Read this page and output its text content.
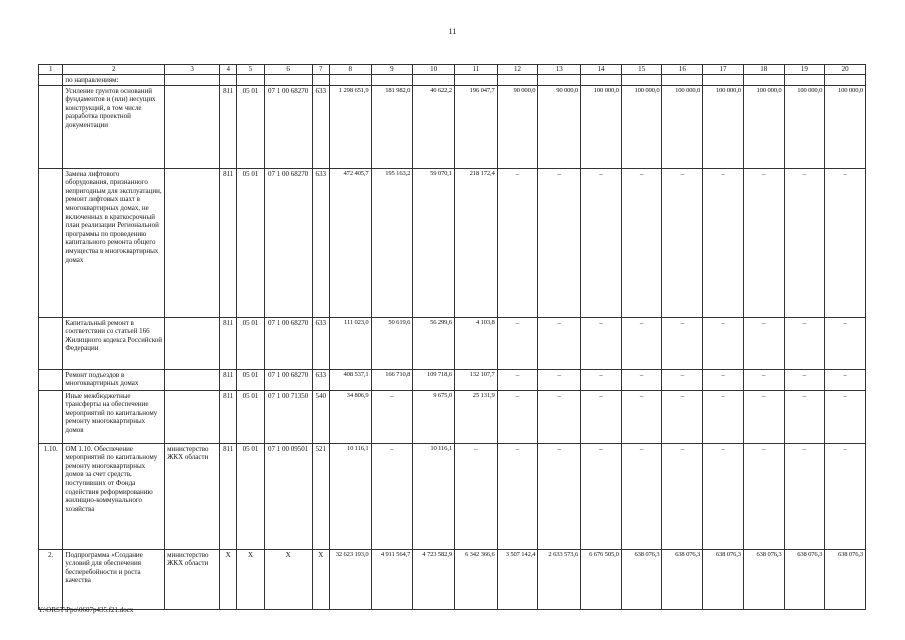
11
1	2	3	4	5	6	7	8	9	10	11	12	13	14	15	16	17	18	19	20
	по направлениям:																		
	Усиление грунтов оснований фундаментов и (или) несущих конструкций, в том числе разработка проектной документации		811	05 01	07 1 00 68270	633	1 298 651,9	181 982,0	40 622,2	196 047,7	90 000,0	90 000,0	100 000,0	100 000,0	100 000,0	100 000,0	100 000,0	100 000,0	100 000,0
	Замена лифтового оборудования, признанного непригодным для эксплуатации, ремонт лифтовых шахт в многоквартирных домах, не включенных в краткосрочный план реализации Региональной программы по проведению капитального ремонта общего имущества в многоквартирных домах		811	05 01	07 1 00 68270	633	472 405,7	195 163,2	59 070,1	218 172,4	–	–	–	–	–	–	–	–	–
	Капитальный ремонт в соответствии со статьей 166 Жилищного кодекса Российской Федерации		811	05 01	07 1 00 68270	633	111 023,0	50 619,6	56 299,6	4 103,8	–	–	–	–	–	–	–	–	–
	Ремонт подъездов в многоквартирных домах		811	05 01	07 1 00 68270	633	408 537,1	166 710,8	109 718,6	132 107,7	–	–	–	–	–	–	–	–	–
	Иные межбюджетные трансферты на обеспечение мероприятий по капитальному ремонту многоквартирных домов		811	05 01	07 1 00 71350	540	34 806,9	–	9 675,0	25 131,9	–	–	–	–	–	–	–	–	–
1.10.	ОМ 1.10. Обеспечение мероприятий по капитальному ремонту многоквартирных домов за счет средств, поступивших от Фонда содействия реформированию жилищно-коммунального хозяйства	министерство ЖКХ области	811	05 01	07 1 00 09501	521	10 116,1	–	10 116,1	–	–	–	–	–	–	–	–	–	–
2.	Подпрограмма «Создание условий для обеспечения бесперебойности и роста качества	министерство ЖКХ области	X	X	X	X	32 623 193,0	4 911 564,7	4 723 582,9	6 342 366,6	3 507 142,4	2 633 573,6	6 676 505,0	638 076,3	638 076,3	638 076,3	638 076,3	638 076,3	638 076,3
Y:\ORST\Ppo\0607p435.f21.docx
